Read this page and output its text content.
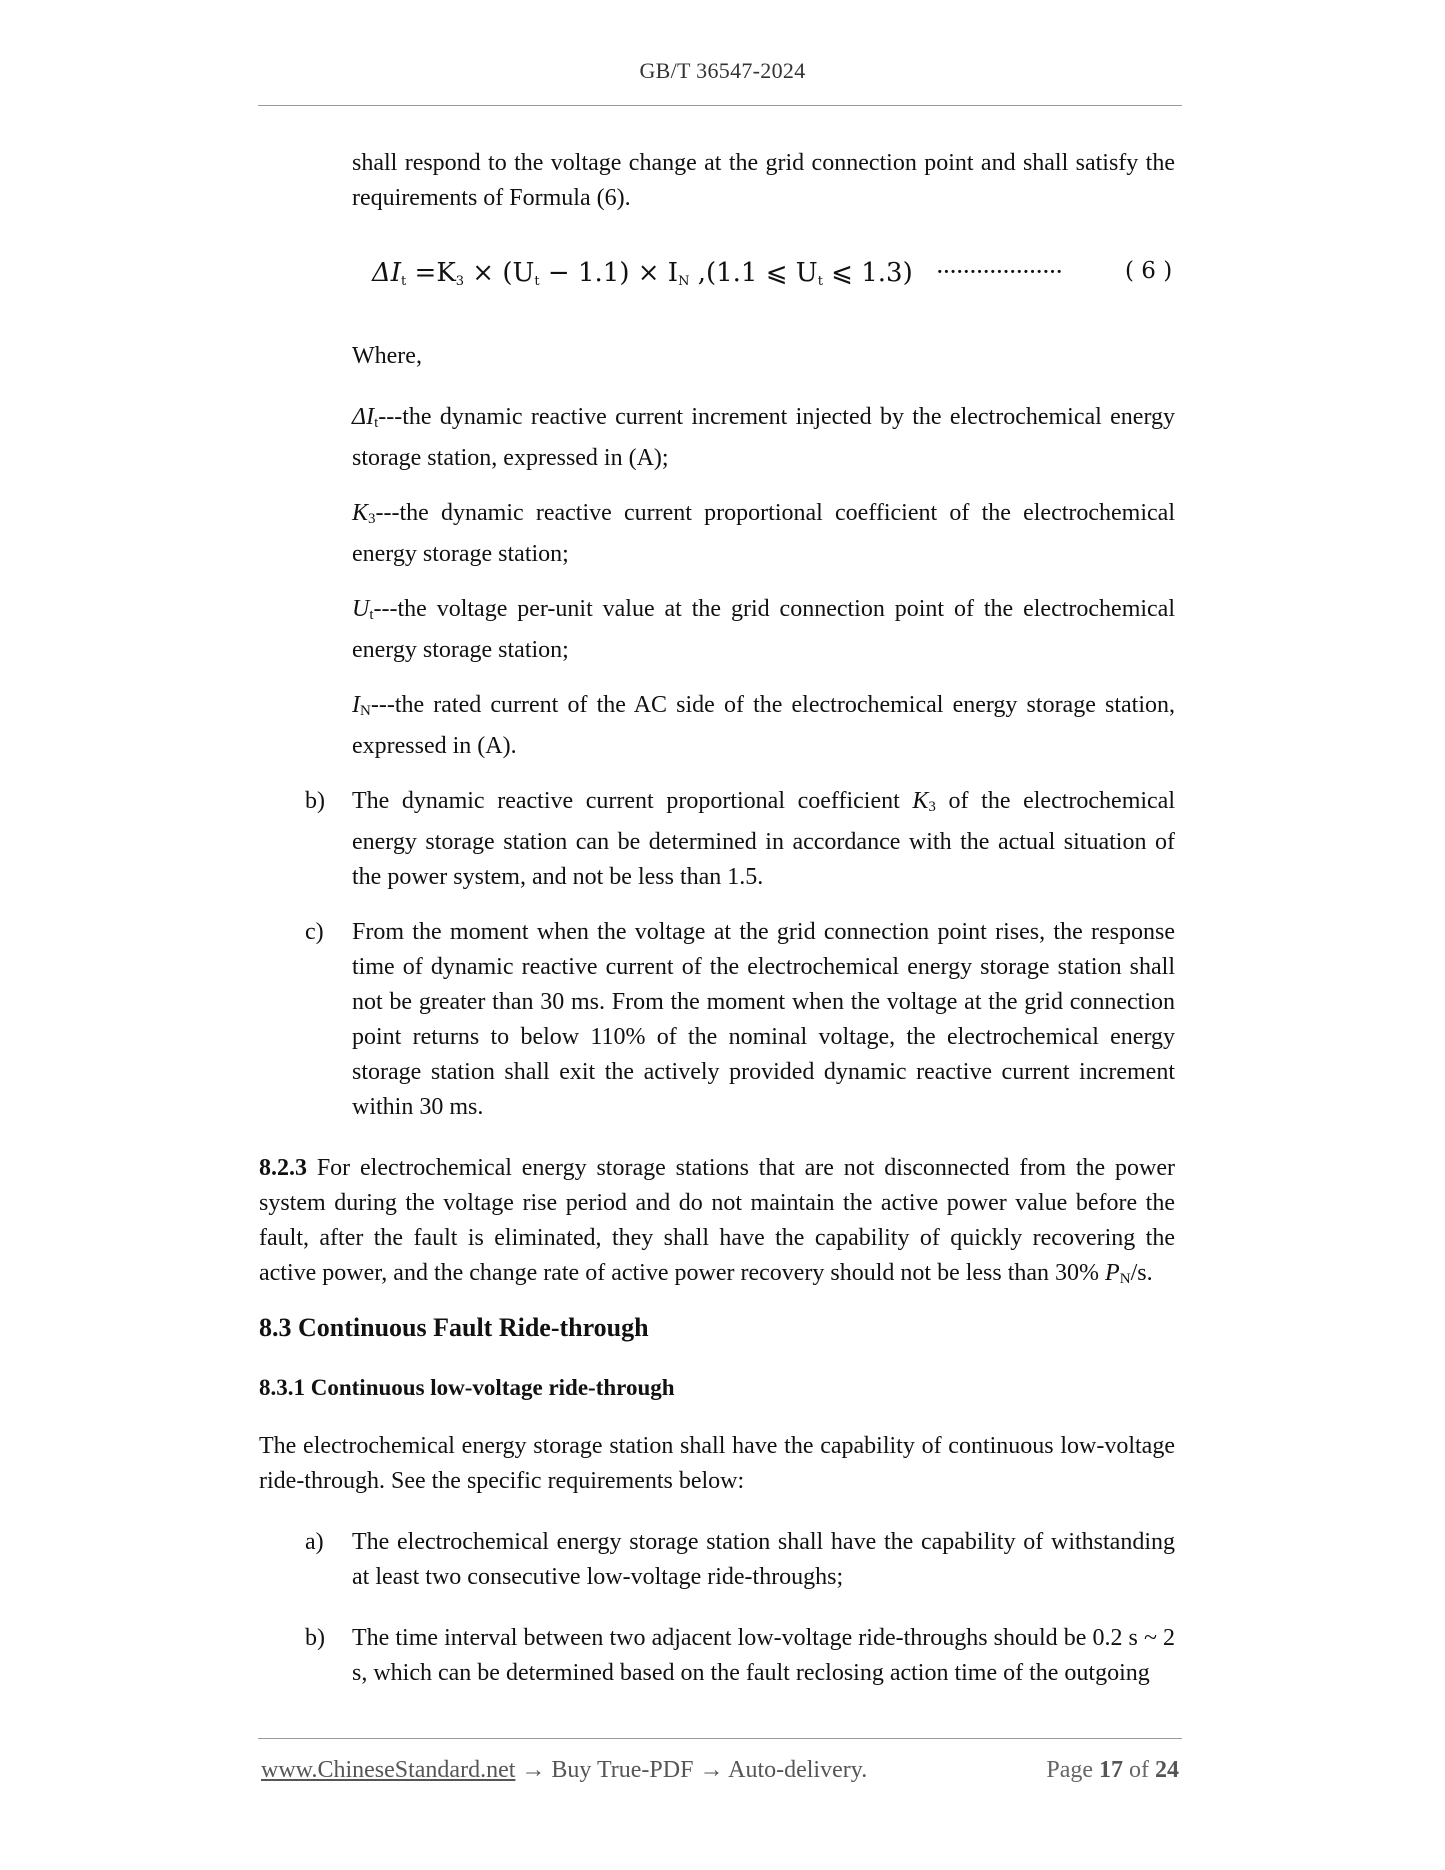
GB/T 36547-2024

shall respond to the voltage change at the grid connection point and shall satisfy the requirements of Formula (6).

ΔIt =K3 × (Ut − 1.1) × IN ,(1.1 ⩽ Ut ⩽ 1.3) ···················	( 6 )

Where,

$\Delta I_t--$-the dynamic reactive current increment injected by the electrochemical energy storage station, expressed in (A);

$K_3--$-the dynamic reactive current proportional coefficient of the electrochemical energy storage station;

$U_t--$-the voltage per-unit value at the grid connection point of the electrochemical energy storage station;

$I_N--$-the rated current of the AC side of the electrochemical energy storage station, expressed in (A).

b) The dynamic reactive current proportional coefficient $K_3$ of the electrochemical energy storage station can be determined in accordance with the actual situation of the power system, and not be less than 1.5.

c) From the moment when the voltage at the grid connection point rises, the response time of dynamic reactive current of the electrochemical energy storage station shall not be greater than 30 ms. From the moment when the voltage at the grid connection point returns to below 110% of the nominal voltage, the electrochemical energy storage station shall exit the actively provided dynamic reactive current increment within 30 ms.

8.2.3 For electrochemical energy storage stations that are not disconnected from the power system during the voltage rise period and do not maintain the active power value before the fault, after the fault is eliminated, they shall have the capability of quickly recovering the active power, and the change rate of active power recovery should not be less than 30% $P_N/s$.

8.3 Continuous Fault Ride-through
8.3.1 Continuous low-voltage ride-through

The electrochemical energy storage station shall have the capability of continuous low-voltage ride-through. See the specific requirements below:

a) The electrochemical energy storage station shall have the capability of withstanding at least two consecutive low-voltage ride-throughs;

b) The time interval between two adjacent low-voltage ride-throughs should be 0.2 s ~ 2 s, which can be determined based on the fault reclosing action time of the outgoing

www.ChineseStandard.net → Buy True-PDF → Auto-delivery.	Page 17 of 24
